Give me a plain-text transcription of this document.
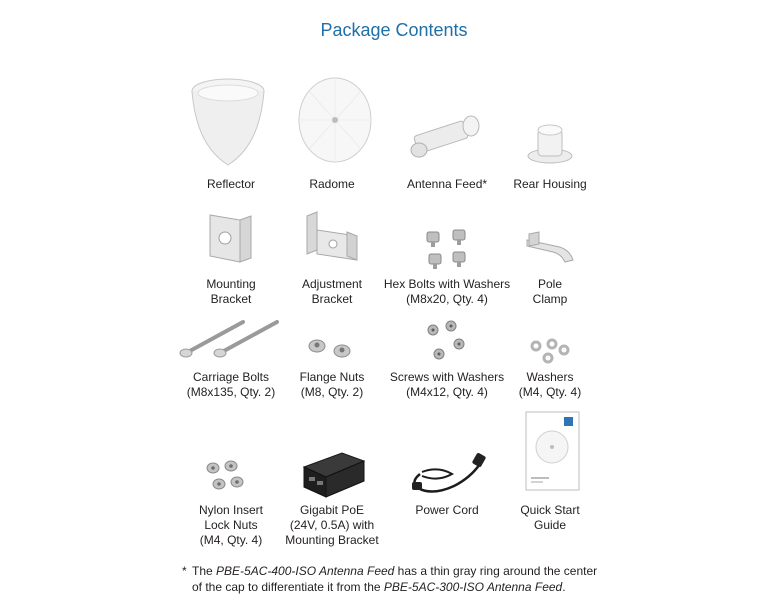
Package Contents
Reflector	Radome	Antenna Feed*	Rear Housing
Mounting
Bracket
Adjustment
Bracket
Hex Bolts with Washers
(M8x20, Qty. 4)
Pole
Clamp
Carriage Bolts
(M8x135, Qty. 2)
Flange Nuts
(M8, Qty. 2)
Screws with Washers
(M4x12, Qty. 4)
Washers
(M4, Qty. 4)
Nylon Insert
Lock Nuts
(M4, Qty. 4)
Gigabit PoE
(24V, 0.5A) with
Mounting Bracket
Power Cord	Quick Start
Guide
* The PBE-5AC-400-ISO Antenna Feed has a thin gray ring around the center
of the cap to differentiate it from the PBE-5AC-300-ISO Antenna Feed.
